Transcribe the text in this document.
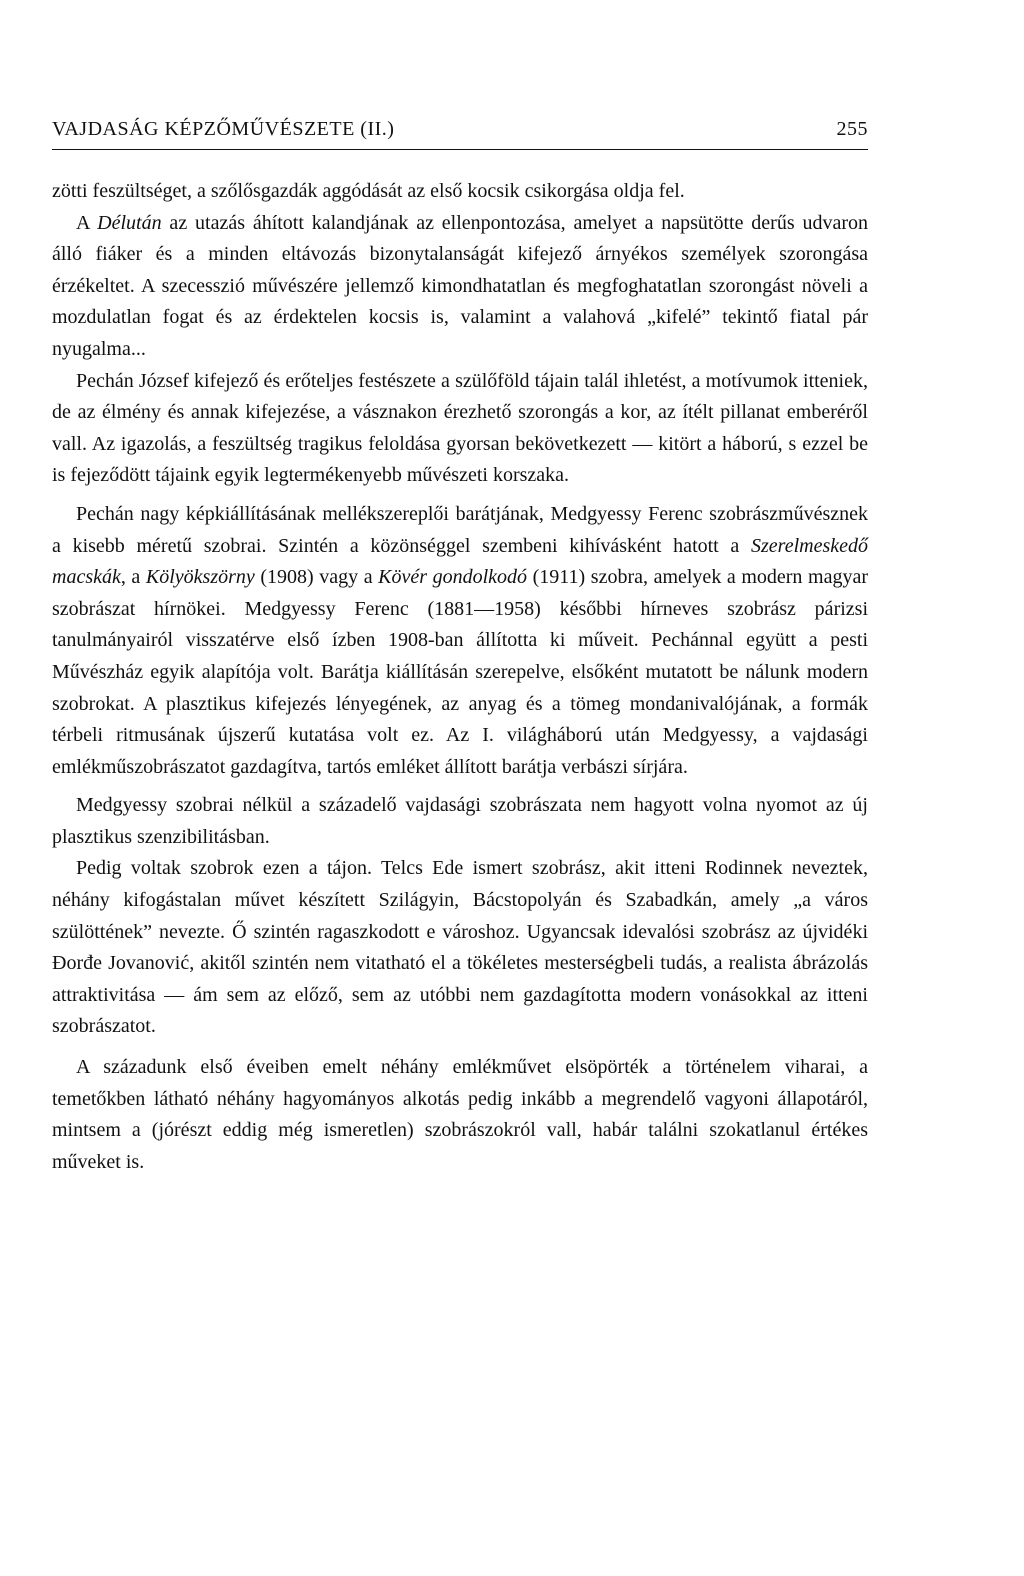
VAJDASÁG KÉPZŐMŰVÉSZETE (II.)	255

zötti feszültséget, a szőlősgazdák aggódását az első kocsik csikorgása oldja fel.

A Délután az utazás áhított kalandjának az ellenpontozása, amelyet a napsütötte derűs udvaron álló fiáker és a minden eltávozás bizonytalanságát kifejező árnyékos személyek szorongása érzékeltet. A szecesszió művészére jellemző kimondhatatlan és megfoghatatlan szorongást növeli a mozdulatlan fogat és az érdektelen kocsis is, valamint a valahová „kifelé” tekintő fiatal pár nyugalma...

Pechán József kifejező és erőteljes festészete a szülőföld tájain talál ihletést, a motívumok itteniek, de az élmény és annak kifejezése, a vásznakon érezhető szorongás a kor, az ítélt pillanat emberéről vall. Az igazolás, a feszültség tragikus feloldása gyorsan bekövetkezett — kitört a háború, s ezzel be is fejeződött tájaink egyik legtermékenyebb művészeti korszaka.

Pechán nagy képkiállításának mellékszereplői barátjának, Medgyessy Ferenc szobrászművésznek a kisebb méretű szobrai. Szintén a közönséggel szembeni kihívásként hatott a Szerelmeskedő macskák, a Kölyökszörny (1908) vagy a Kövér gondolkodó (1911) szobra, amelyek a modern magyar szobrászat hírnökei. Medgyessy Ferenc (1881—1958) későbbi hírneves szobrász párizsi tanulmányairól visszatérve első ízben 1908-ban állította ki műveit. Pechánnal együtt a pesti Művészház egyik alapítója volt. Barátja kiállításán szerepelve, elsőként mutatott be nálunk modern szobrokat. A plasztikus kifejezés lényegének, az anyag és a tömeg mondanivalójának, a formák térbeli ritmusának újszerű kutatása volt ez. Az I. világháború után Medgyessy, a vajdasági emlékműszobrászatot gazdagítva, tartós emléket állított barátja verbászi sírjára.

Medgyessy szobrai nélkül a századelő vajdasági szobrászata nem hagyott volna nyomot az új plasztikus szenzibilitásban.

Pedig voltak szobrok ezen a tájon. Telcs Ede ismert szobrász, akit itteni Rodinnek neveztek, néhány kifogástalan művet készített Szilágyin, Bácstopolyán és Szabadkán, amely „a város szülöttének” nevezte. Ő szintén ragaszkodott e városhoz. Ugyancsak idevalósi szobrász az újvidéki Đorđe Jovanović, akitől szintén nem vitatható el a tökéletes mesterségbeli tudás, a realista ábrázolás attraktivitása — ám sem az előző, sem az utóbbi nem gazdagította modern vonásokkal az itteni szobrászatot.

A századunk első éveiben emelt néhány emlékművet elsöpörték a történelem viharai, a temetőkben látható néhány hagyományos alkotás pedig inkább a megrendelő vagyoni állapotáról, mintsem a (jórészt eddig még ismeretlen) szobrászokról vall, habár találni szokatlanul értékes műveket is.
